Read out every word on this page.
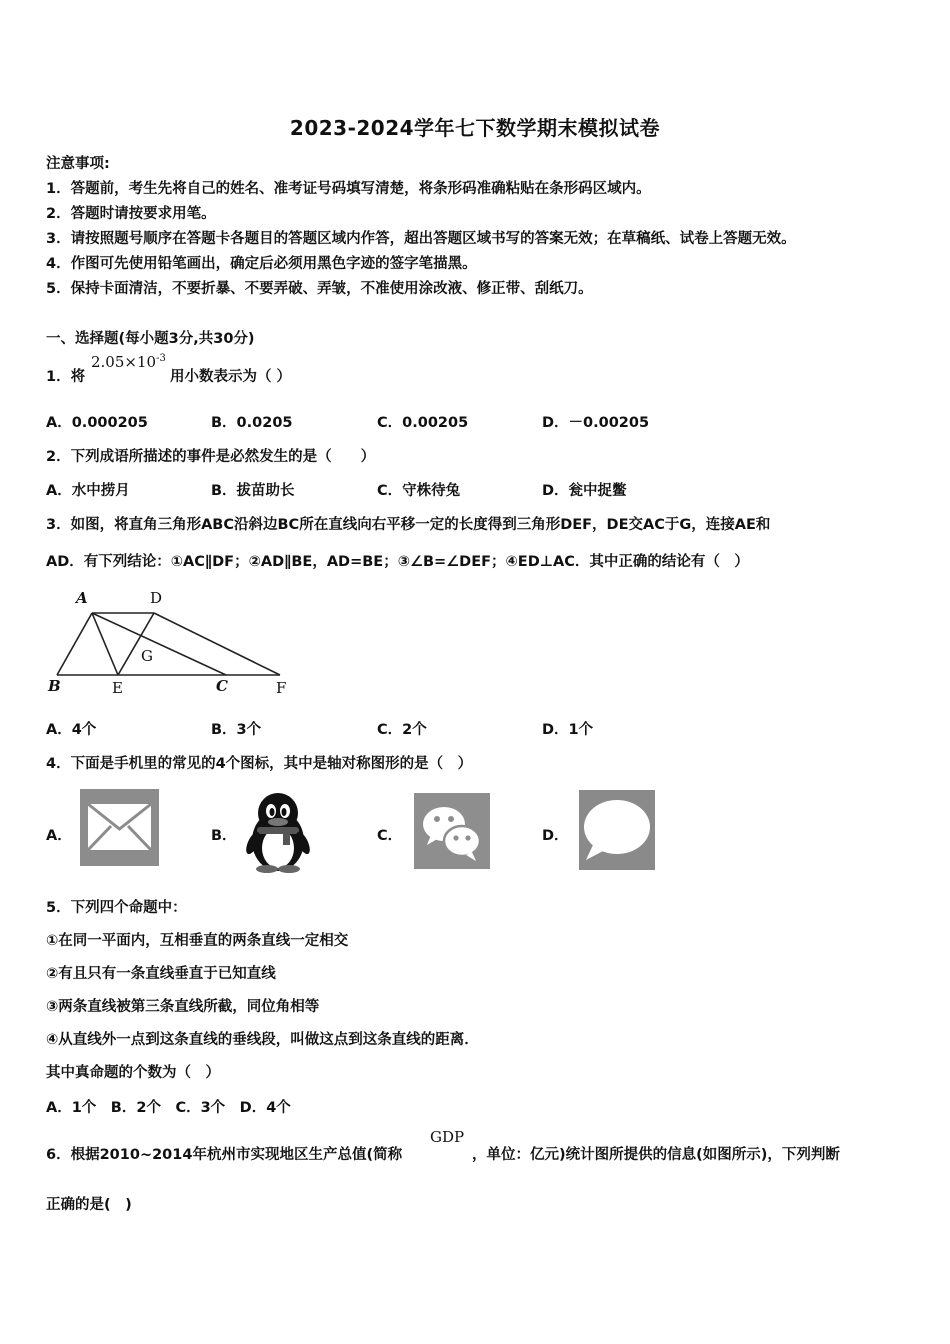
2023-2024学年七下数学期末模拟试卷
注意事项:
1．答题前，考生先将自己的姓名、准考证号码填写清楚，将条形码准确粘贴在条形码区域内。
2．答题时请按要求用笔。
3．请按照题号顺序在答题卡各题目的答题区域内作答，超出答题区域书写的答案无效；在草稿纸、试卷上答题无效。
4．作图可先使用铅笔画出，确定后必须用黑色字迹的签字笔描黑。
5．保持卡面清洁，不要折暴、不要弄破、弄皱，不准使用涂改液、修正带、刮纸刀。
一、选择题(每小题3分,共30分)
1．将
$2.05\times 10^{-3}$
用小数表示为（ ）
A．0.000205	B．0.0205	C．0.00205	D．－0.00205
2．下列成语所描述的事件是必然发生的是（　　）
A．水中捞月	B．拔苗助长	C．守株待兔	D．瓮中捉鳖
3．如图，将直角三角形ABC沿斜边BC所在直线向右平移一定的长度得到三角形DEF，DE交AC于G，连接AE和
AD．有下列结论：①AC∥DF；②AD∥BE，AD=BE；③∠B=∠DEF；④ED⊥AC．其中正确的结论有（　）
A	D
G
B	E	C	F
A．4个	B．3个	C．2个	D．1个
4．下面是手机里的常见的4个图标，其中是轴对称图形的是（　）
A．	B．	C．	D．
5．下列四个命题中：
①在同一平面内，互相垂直的两条直线一定相交
②有且只有一条直线垂直于已知直线
③两条直线被第三条直线所截，同位角相等
④从直线外一点到这条直线的垂线段，叫做这点到这条直线的距离．
其中真命题的个数为（　）
A．1个　B．2个　C．3个　D．4个
6．根据2010~2014年杭州市实现地区生产总值(简称
GDP
，单位：亿元)统计图所提供的信息(如图所示)，下列判断
正确的是(　)
